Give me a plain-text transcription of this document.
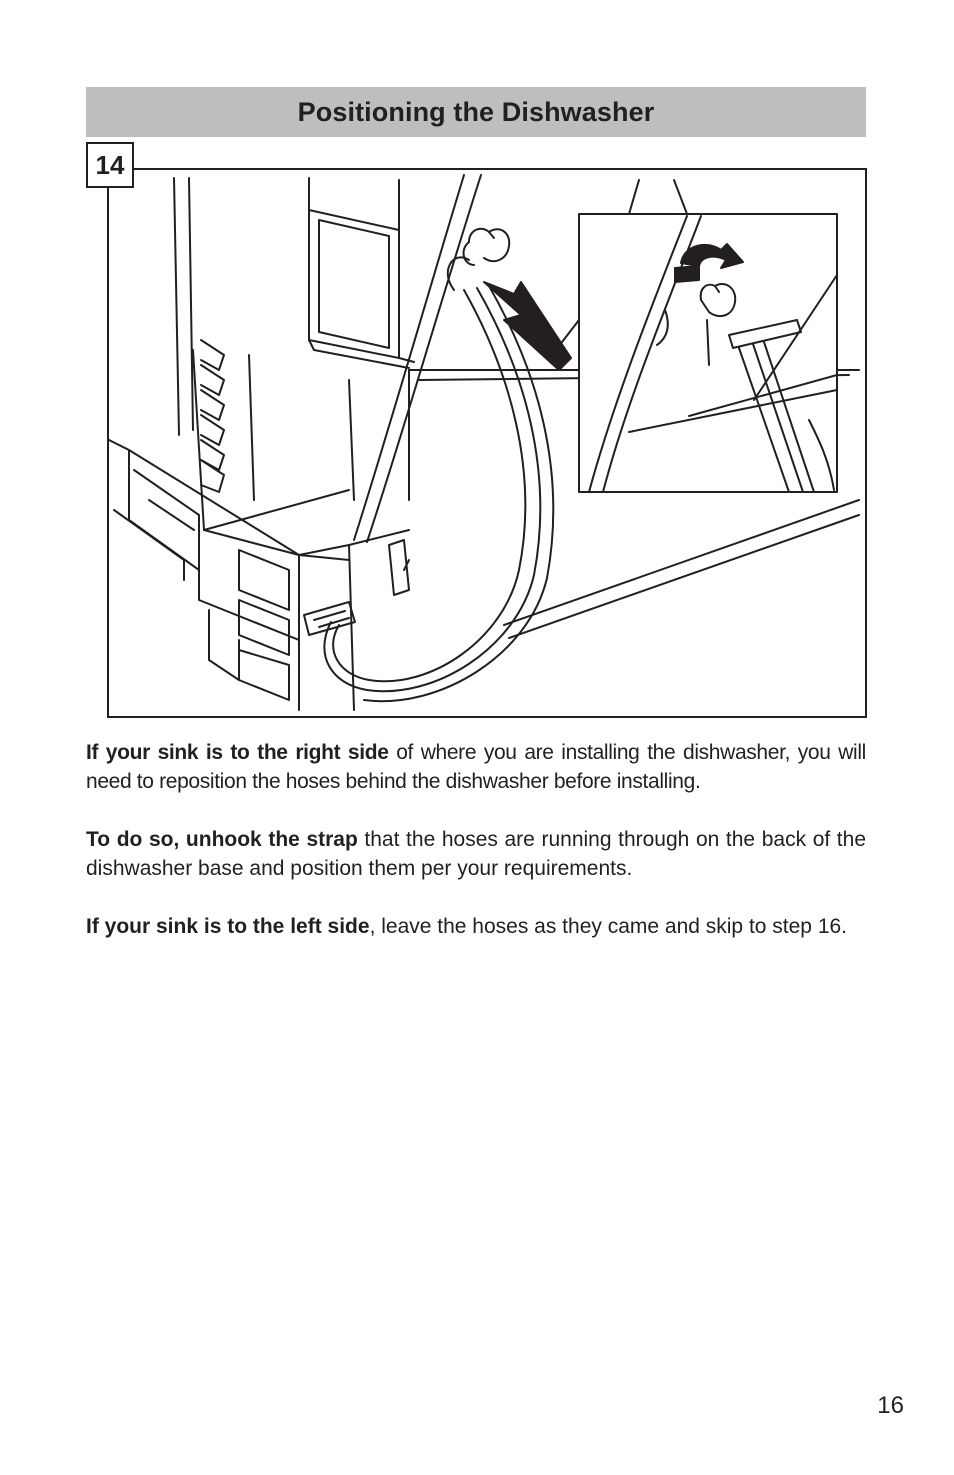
Positioning the Dishwasher
14

If your sink is to the right side of where you are installing the dishwasher, you will need to reposition the hoses behind the dishwasher before installing.

To do so, unhook the strap that the hoses are running through on the back of the dishwasher base and position them per your requirements.

If your sink is to the left side, leave the hoses as they came and skip to step 16.

16
